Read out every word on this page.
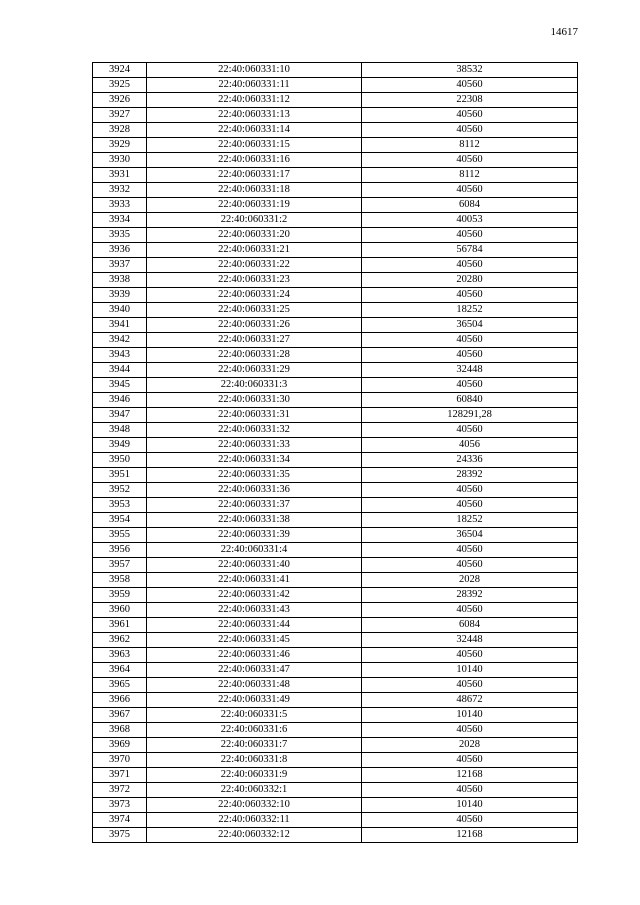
14617
3924	22:40:060331:10	38532
3925	22:40:060331:11	40560
3926	22:40:060331:12	22308
3927	22:40:060331:13	40560
3928	22:40:060331:14	40560
3929	22:40:060331:15	8112
3930	22:40:060331:16	40560
3931	22:40:060331:17	8112
3932	22:40:060331:18	40560
3933	22:40:060331:19	6084
3934	22:40:060331:2	40053
3935	22:40:060331:20	40560
3936	22:40:060331:21	56784
3937	22:40:060331:22	40560
3938	22:40:060331:23	20280
3939	22:40:060331:24	40560
3940	22:40:060331:25	18252
3941	22:40:060331:26	36504
3942	22:40:060331:27	40560
3943	22:40:060331:28	40560
3944	22:40:060331:29	32448
3945	22:40:060331:3	40560
3946	22:40:060331:30	60840
3947	22:40:060331:31	128291,28
3948	22:40:060331:32	40560
3949	22:40:060331:33	4056
3950	22:40:060331:34	24336
3951	22:40:060331:35	28392
3952	22:40:060331:36	40560
3953	22:40:060331:37	40560
3954	22:40:060331:38	18252
3955	22:40:060331:39	36504
3956	22:40:060331:4	40560
3957	22:40:060331:40	40560
3958	22:40:060331:41	2028
3959	22:40:060331:42	28392
3960	22:40:060331:43	40560
3961	22:40:060331:44	6084
3962	22:40:060331:45	32448
3963	22:40:060331:46	40560
3964	22:40:060331:47	10140
3965	22:40:060331:48	40560
3966	22:40:060331:49	48672
3967	22:40:060331:5	10140
3968	22:40:060331:6	40560
3969	22:40:060331:7	2028
3970	22:40:060331:8	40560
3971	22:40:060331:9	12168
3972	22:40:060332:1	40560
3973	22:40:060332:10	10140
3974	22:40:060332:11	40560
3975	22:40:060332:12	12168
